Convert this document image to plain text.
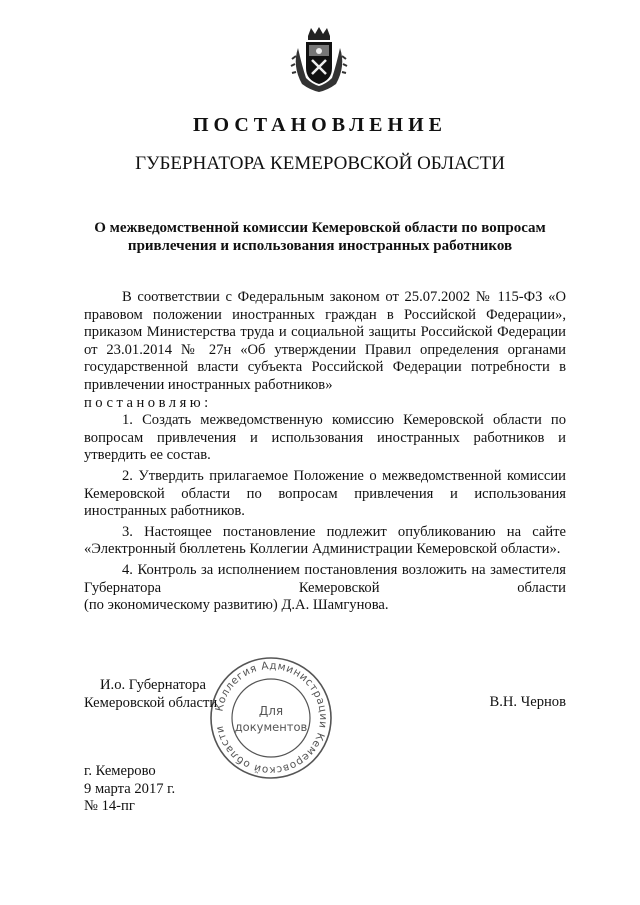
ПОСТАНОВЛЕНИЕ
ГУБЕРНАТОРА КЕМЕРОВСКОЙ ОБЛАСТИ
О межведомственной комиссии Кемеровской области по вопросам
привлечения и использования иностранных работников

В соответствии с Федеральным законом от 25.07.2002 № 115-ФЗ «О правовом положении иностранных граждан в Российской Федерации», приказом Министерства труда и социальной защиты Российской Федерации от 23.01.2014 № 27н «Об утверждении Правил определения органами государственной власти субъекта Российской Федерации потребности в привлечении иностранных работников»

постановляю:

1. Создать межведомственную комиссию Кемеровской области по вопросам привлечения и использования иностранных работников и утвердить ее состав.

2. Утвердить прилагаемое Положение о межведомственной комиссии Кемеровской области по вопросам привлечения и использования иностранных работников.

3. Настоящее постановление подлежит опубликованию на сайте «Электронный бюллетень Коллегии Администрации Кемеровской области».

4. Контроль за исполнением постановления возложить на заместителя Губернатора Кемеровской области

(по экономическому развитию) Д.А. Шамгунова.

Коллегия Администрации Кемеровской области
Для
документов
И.о. Губернатора
Кемеровской области	В.Н. Чернов
г. Кемерово
9 марта 2017 г.
№ 14-пг
